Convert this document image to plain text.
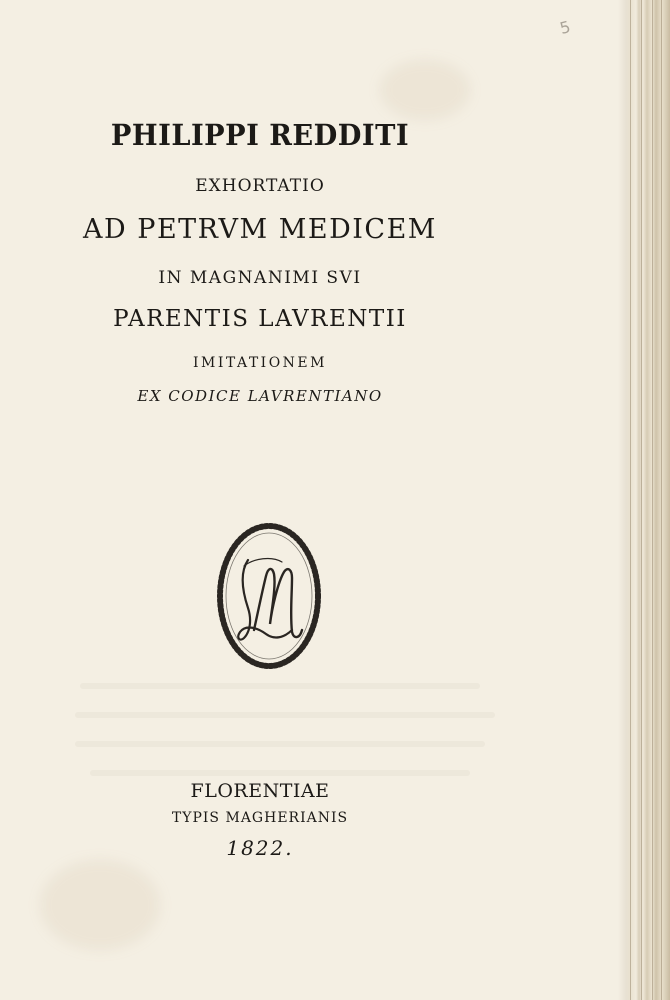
5
PHILIPPI REDDITI
EXHORTATIO
AD PETRVM MEDICEM
IN MAGNANIMI SVI
PARENTIS LAVRENTII
IMITATIONEM
EX CODICE LAVRENTIANO
FLORENTIAE
TYPIS MAGHERIANIS
1822.
